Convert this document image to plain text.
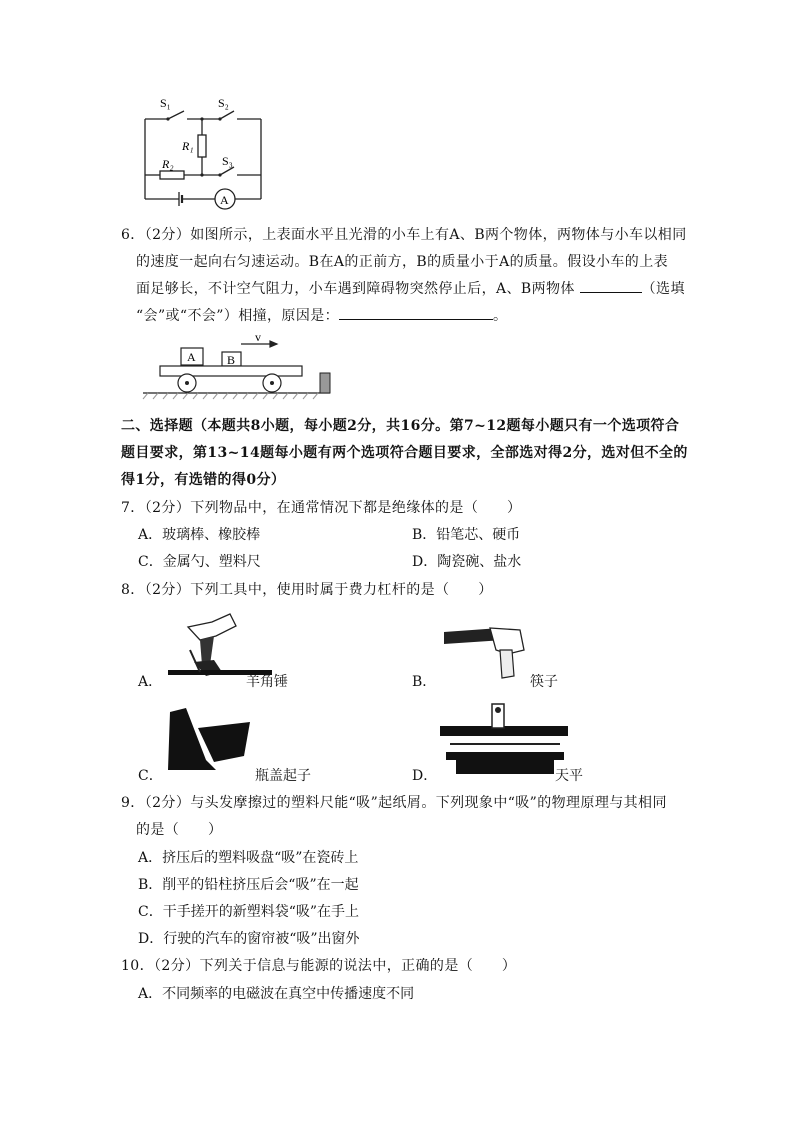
S₁	S₂
S₃
R₁
R₂
A
6．（2分）如图所示，上表面水平且光滑的小车上有A、B两个物体，两物体与小车以相同
的速度一起向右匀速运动。B在A的正前方，B的质量小于A的质量。假设小车的上表
面足够长，不计空气阻力，小车遇到障碍物突然停止后，A、B两物体	（选填
“会”或“不会”）相撞，原因是：	。
A	B
v
二、选择题（本题共8小题，每小题2分，共16分。第7~12题每小题只有一个选项符合
题目要求，第13~14题每小题有两个选项符合题目要求，全部选对得2分，选对但不全的
得1分，有选错的得0分）
7．（2分）下列物品中，在通常情况下都是绝缘体的是（　　）
A．玻璃棒、橡胶棒	B．铅笔芯、硬币
C．金属勺、塑料尺	D．陶瓷碗、盐水
8．（2分）下列工具中，使用时属于费力杠杆的是（　　）
A．	羊角锤	B．	筷子
C．	瓶盖起子	D．	天平
9．（2分）与头发摩擦过的塑料尺能“吸”起纸屑。下列现象中“吸”的物理原理与其相同
的是（　　）
A．挤压后的塑料吸盘“吸”在瓷砖上
B．削平的铅柱挤压后会“吸”在一起
C．干手搓开的新塑料袋“吸”在手上
D．行驶的汽车的窗帘被“吸”出窗外
10．（2分）下列关于信息与能源的说法中，正确的是（　　）
A．不同频率的电磁波在真空中传播速度不同
